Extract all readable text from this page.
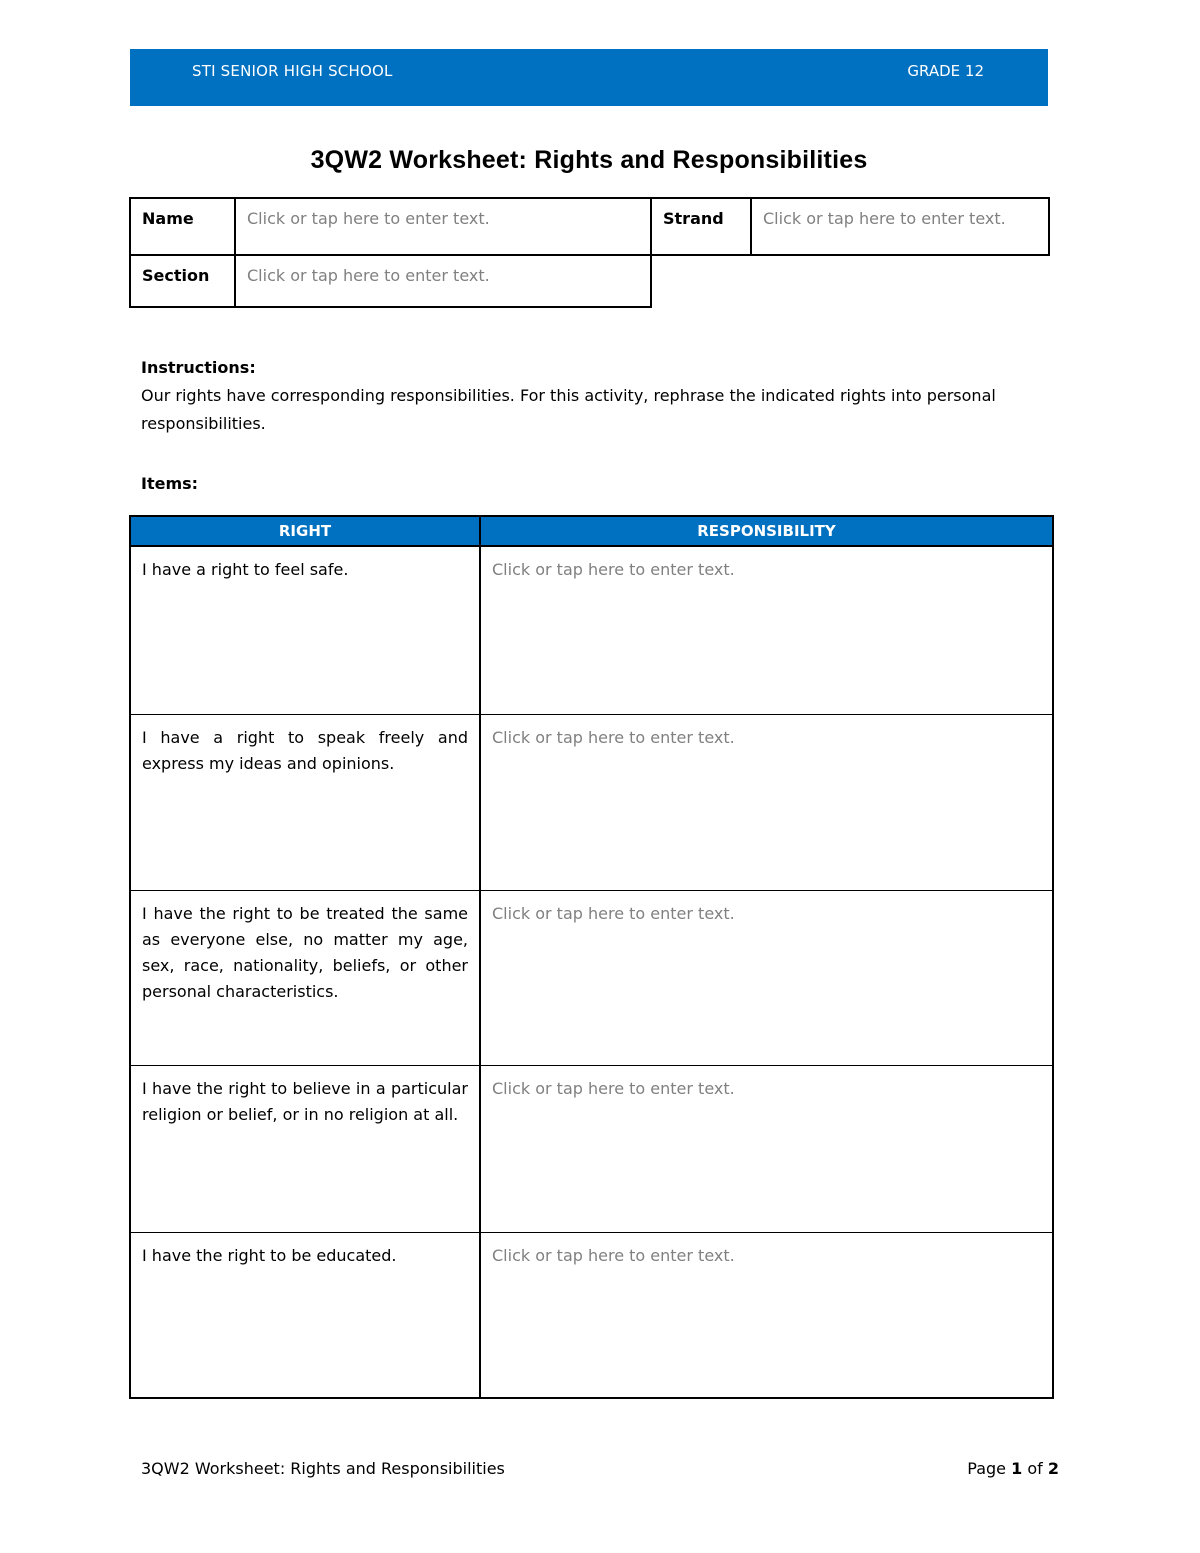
STI SENIOR HIGH SCHOOL	GRADE 12
3QW2 Worksheet: Rights and Responsibilities
Name	Click or tap here to enter text.	Strand	Click or tap here to enter text.
Section	Click or tap here to enter text.		
Instructions:
Our rights have corresponding responsibilities. For this activity, rephrase the indicated rights into personal responsibilities.
Items:
RIGHT	RESPONSIBILITY
I have a right to feel safe.	Click or tap here to enter text.
I have a right to speak freely and express my ideas and opinions.	Click or tap here to enter text.
I have the right to be treated the same as everyone else, no matter my age, sex, race, nationality, beliefs, or other personal characteristics.	Click or tap here to enter text.
I have the right to believe in a particular religion or belief, or in no religion at all.	Click or tap here to enter text.
I have the right to be educated.	Click or tap here to enter text.
3QW2 Worksheet: Rights and Responsibilities	Page 1 of 2
